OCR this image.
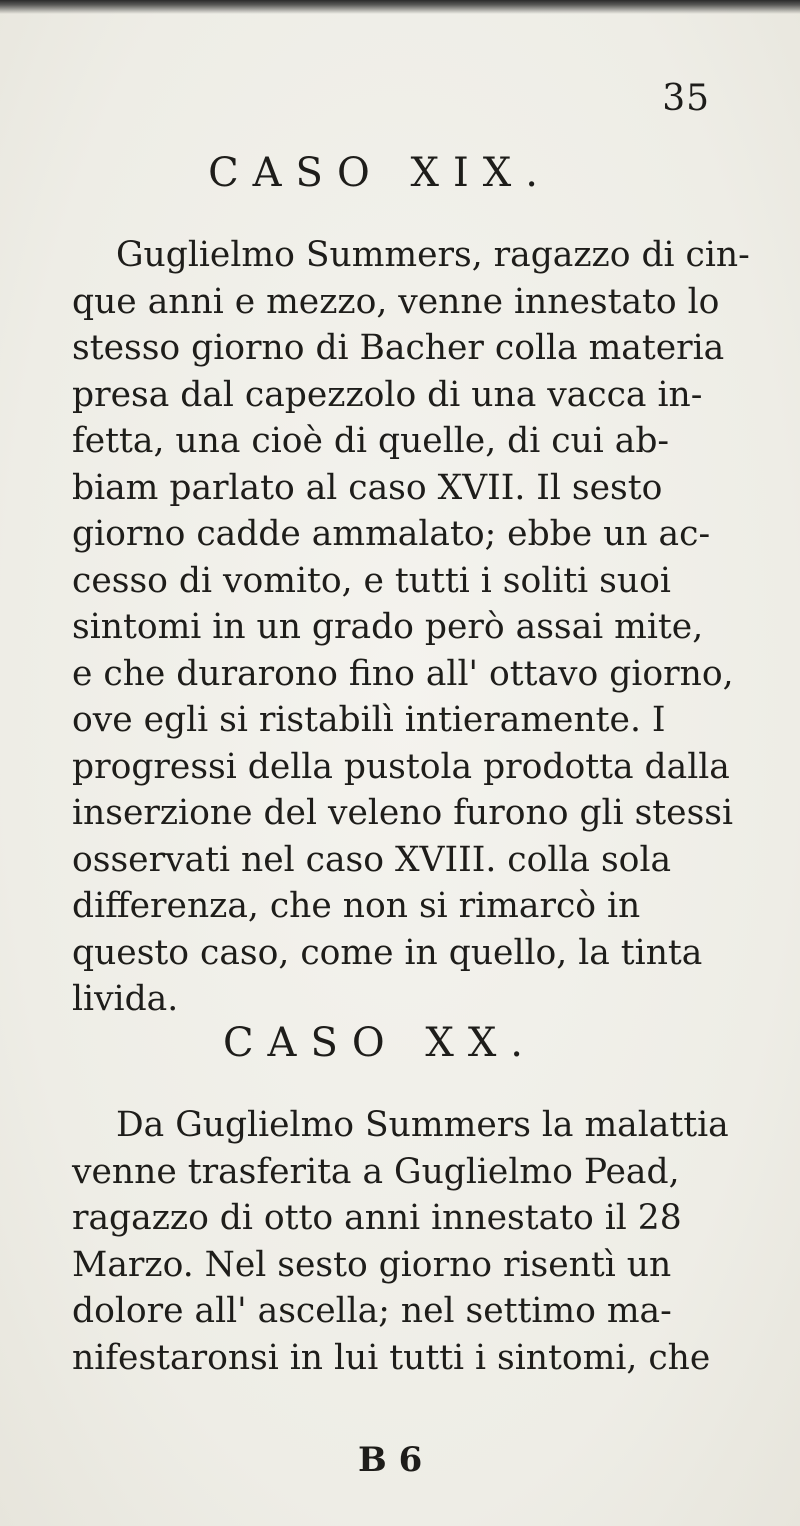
35
CASO XIX.
Guglielmo Summers, ragazzo di cin-
que anni e mezzo, venne innestato lo
stesso giorno di Bacher colla materia
presa dal capezzolo di una vacca in-
fetta, una cioè di quelle, di cui ab-
biam parlato al caso XVII. Il sesto
giorno cadde ammalato; ebbe un ac-
cesso di vomito, e tutti i soliti suoi
sintomi in un grado però assai mite,
e che durarono fino all' ottavo giorno,
ove egli si ristabilì intieramente. I
progressi della pustola prodotta dalla
inserzione del veleno furono gli stessi
osservati nel caso XVIII. colla sola
differenza, che non si rimarcò in
questo caso, come in quello, la tinta
livida.
CASO XX.
Da Guglielmo Summers la malattia
venne trasferita a Guglielmo Pead,
ragazzo di otto anni innestato il 28
Marzo. Nel sesto giorno risentì un
dolore all' ascella; nel settimo ma-
nifestaronsi in lui tutti i sintomi, che
B 6
